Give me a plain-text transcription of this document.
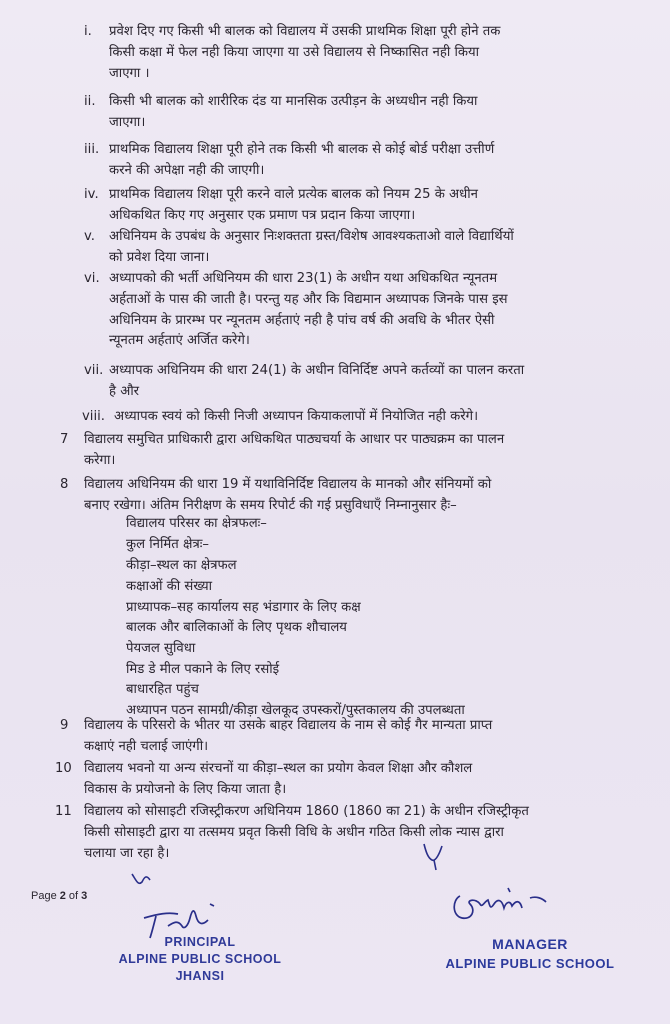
i. प्रवेश दिए गए किसी भी बालक को विद्यालय में उसकी प्राथमिक शिक्षा पूरी होने तक
किसी कक्षा में फेल नही किया जाएगा या उसे विद्यालय से निष्कासित नही किया
जाएगा ।
ii. किसी भी बालक को शारीरिक दंड या मानसिक उत्पीड़न के अध्यधीन नही किया
जाएगा।
iii. प्राथमिक विद्यालय शिक्षा पूरी होने तक किसी भी बालक से कोई बोर्ड परीक्षा उत्तीर्ण
करने की अपेक्षा नही की जाएगी।
iv. प्राथमिक विद्यालय शिक्षा पूरी करने वाले प्रत्येक बालक को नियम 25 के अधीन
अधिकथित किए गए अनुसार एक प्रमाण पत्र प्रदान किया जाएगा।
v. अधिनियम के उपबंध के अनुसार निःशक्तता ग्रस्त/विशेष आवश्यकताओ वाले विद्यार्थियों
को प्रवेश दिया जाना।
vi. अध्यापको की भर्ती अधिनियम की धारा 23(1) के अधीन यथा अधिकथित न्यूनतम
अर्हताओं के पास की जाती है। परन्तु यह और कि विद्यमान अध्यापक जिनके पास इस
अधिनियम के प्रारम्भ पर न्यूनतम अर्हताएं नही है पांच वर्ष की अवधि के भीतर ऐसी
न्यूनतम अर्हताएं अर्जित करेगे।
vii. अध्यापक अधिनियम की धारा 24(1) के अधीन विनिर्दिष्ट अपने कर्तव्यों का पालन करता
है और
viii. अध्यापक स्वयं को किसी निजी अध्यापन कियाकलापों में नियोजित नही करेगे।
7 विद्यालय समुचित प्राधिकारी द्वारा अधिकथित पाठ्यचर्या के आधार पर पाठ्यक्रम का पालन
करेगा।
8 विद्यालय अधिनियम की धारा 19 में यथाविनिर्दिष्ट विद्यालय के मानको और संनियमों को
बनाए रखेगा। अंतिम निरीक्षण के समय रिपोर्ट की गई प्रसुविधाएँ निम्नानुसार हैः–
विद्यालय परिसर का क्षेत्रफलः–
कुल निर्मित क्षेत्रः–
कीड़ा–स्थल का क्षेत्रफल
कक्षाओं की संख्या
प्राध्यापक–सह कार्यालय सह भंडागार के लिए कक्ष
बालक और बालिकाओं के लिए पृथक शौचालय
पेयजल सुविधा
मिड डे मील पकाने के लिए रसोई
बाधारहित पहुंच
अध्यापन पठन सामग्री/कीड़ा खेलकूद उपस्करों/पुस्तकालय की उपलब्धता
9 विद्यालय के परिसरो के भीतर या उसके बाहर विद्यालय के नाम से कोई गैर मान्यता प्राप्त
कक्षाएं नही चलाई जाएंगी।
10 विद्यालय भवनो या अन्य संरचनों या कीड़ा–स्थल का प्रयोग केवल शिक्षा और कौशल
विकास के प्रयोजनो के लिए किया जाता है।
11 विद्यालय को सोसाइटी रजिस्ट्रीकरण अधिनियम 1860 (1860 का 21) के अधीन रजिस्ट्रीकृत
किसी सोसाइटी द्वारा या तत्समय प्रवृत किसी विधि के अधीन गठित किसी लोक न्यास द्वारा
चलाया जा रहा है।
Page 2 of 3
PRINCIPAL
ALPINE PUBLIC SCHOOL
JHANSI
MANAGER
ALPINE PUBLIC SCHOOL
